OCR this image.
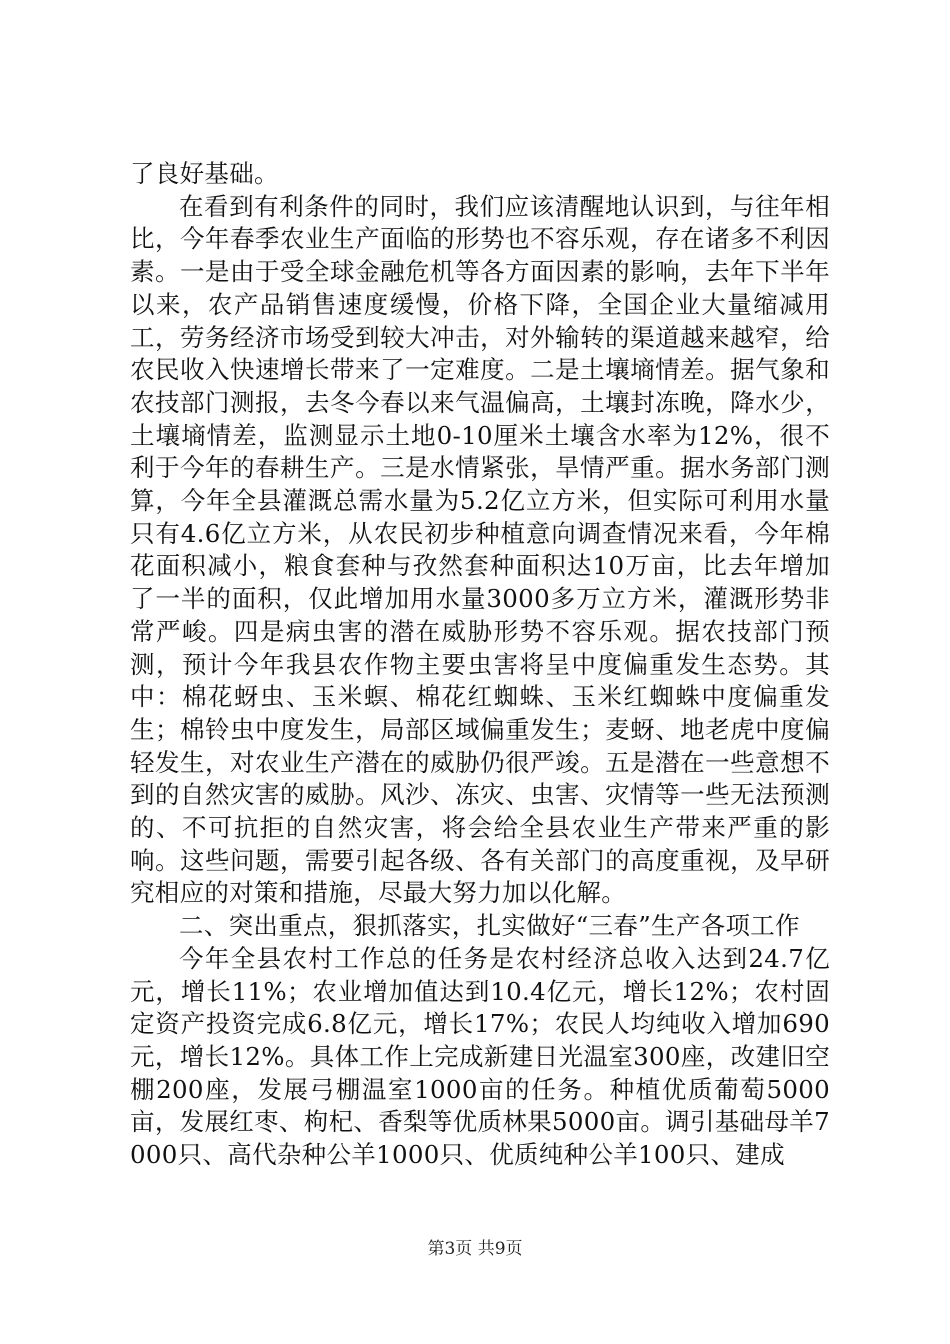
了良好基础。

在看到有利条件的同时，我们应该清醒地认识到，与往年相比，今年春季农业生产面临的形势也不容乐观，存在诸多不利因素。一是由于受全球金融危机等各方面因素的影响，去年下半年以来，农产品销售速度缓慢，价格下降，全国企业大量缩减用工，劳务经济市场受到较大冲击，对外输转的渠道越来越窄，给农民收入快速增长带来了一定难度。二是土壤墒情差。据气象和农技部门测报，去冬今春以来气温偏高，土壤封冻晚，降水少，土壤墒情差，监测显示土地0-10厘米土壤含水率为12%，很不利于今年的春耕生产。三是水情紧张，旱情严重。据水务部门测算，今年全县灌溉总需水量为5.2亿立方米，但实际可利用水量只有4.6亿立方米，从农民初步种植意向调查情况来看，今年棉花面积减小，粮食套种与孜然套种面积达10万亩，比去年增加了一半的面积，仅此增加用水量3000多万立方米，灌溉形势非常严峻。四是病虫害的潜在威胁形势不容乐观。据农技部门预测，预计今年我县农作物主要虫害将呈中度偏重发生态势。其中：棉花蚜虫、玉米螟、棉花红蜘蛛、玉米红蜘蛛中度偏重发生；棉铃虫中度发生，局部区域偏重发生；麦蚜、地老虎中度偏轻发生，对农业生产潜在的威胁仍很严竣。五是潜在一些意想不到的自然灾害的威胁。风沙、冻灾、虫害、灾情等一些无法预测的、不可抗拒的自然灾害，将会给全县农业生产带来严重的影响。这些问题，需要引起各级、各有关部门的高度重视，及早研究相应的对策和措施，尽最大努力加以化解。

二、突出重点，狠抓落实，扎实做好“三春”生产各项工作

今年全县农村工作总的任务是农村经济总收入达到24.7亿元，增长11%；农业增加值达到10.4亿元，增长12%；农村固定资产投资完成6.8亿元，增长17%；农民人均纯收入增加690元，增长12%。具体工作上完成新建日光温室300座，改建旧空棚200座，发展弓棚温室1000亩的任务。种植优质葡萄5000亩，发展红枣、枸杞、香梨等优质林果5000亩。调引基础母羊7000只、高代杂种公羊1000只、优质纯种公羊100只、建成

第3页 共9页
